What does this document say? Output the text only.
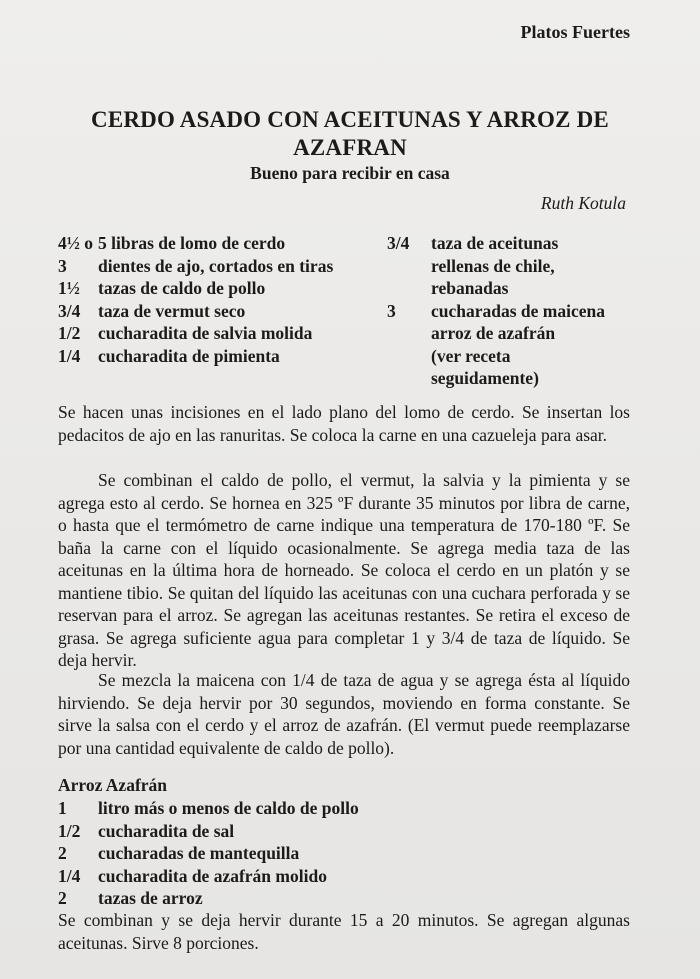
Platos Fuertes
CERDO ASADO CON ACEITUNAS Y ARROZ DE AZAFRAN
Bueno para recibir en casa
Ruth Kotula
4½ o 5 libras de lomo de cerdo
3	dientes de ajo, cortados en tiras
1½	tazas de caldo de pollo
3/4	taza de vermut seco
1/2	cucharadita de salvia molida
1/4	cucharadita de pimienta
3/4	taza de aceitunas
rellenas de chile,
rebanadas
3	cucharadas de maicena
arroz de azafrán
(ver receta
seguidamente)
Se hacen unas incisiones en el lado plano del lomo de cerdo. Se insertan los pedacitos de ajo en las ranuritas. Se coloca la carne en una cazueleja para asar.
Se combinan el caldo de pollo, el vermut, la salvia y la pimienta y se agrega esto al cerdo. Se hornea en 325 ºF durante 35 minutos por libra de carne, o hasta que el termómetro de carne indique una temperatura de 170-180 ºF. Se baña la carne con el líquido ocasionalmente. Se agrega media taza de las aceitunas en la última hora de horneado. Se coloca el cerdo en un platón y se mantiene tibio. Se quitan del líquido las aceitunas con una cuchara perforada y se reservan para el arroz. Se agregan las aceitunas restantes. Se retira el exceso de grasa. Se agrega suficiente agua para completar 1 y 3/4 de taza de líquido. Se deja hervir.
Se mezcla la maicena con 1/4 de taza de agua y se agrega ésta al líquido hirviendo. Se deja hervir por 30 segundos, moviendo en forma constante. Se sirve la salsa con el cerdo y el arroz de azafrán. (El vermut puede reemplazarse por una cantidad equivalente de caldo de pollo).
Arroz Azafrán
1	litro más o menos de caldo de pollo
1/2	cucharadita de sal
2	cucharadas de mantequilla
1/4	cucharadita de azafrán molido
2	tazas de arroz
Se combinan y se deja hervir durante 15 a 20 minutos. Se agregan algunas aceitunas. Sirve 8 porciones.
